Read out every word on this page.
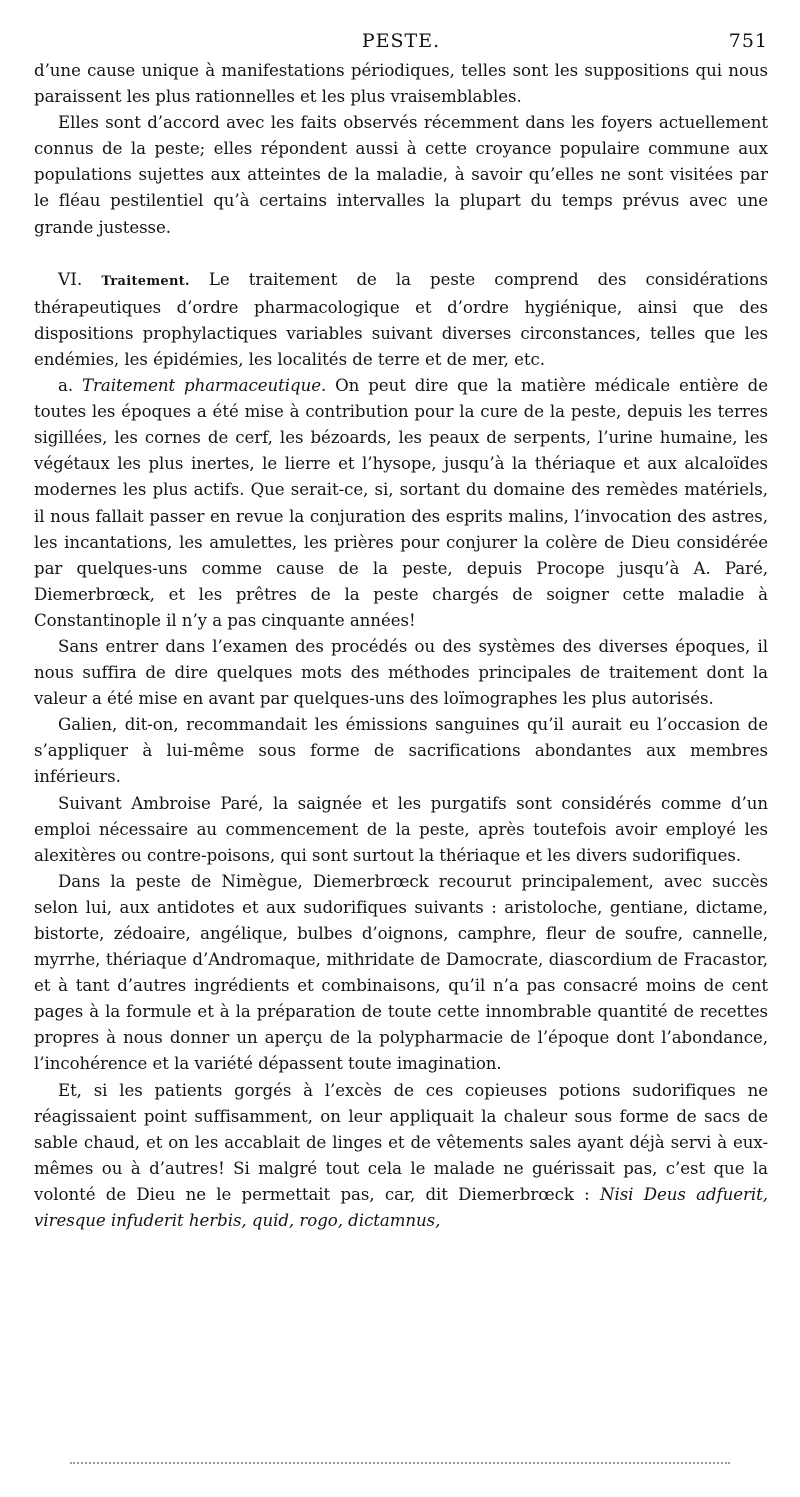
PESTE.	751

d’une cause unique à manifestations périodiques, telles sont les suppositions qui nous paraissent les plus rationnelles et les plus vraisemblables.

Elles sont d’accord avec les faits observés récemment dans les foyers actuellement connus de la peste; elles répondent aussi à cette croyance populaire commune aux populations sujettes aux atteintes de la maladie, à savoir qu’elles ne sont visitées par le fléau pestilentiel qu’à certains intervalles la plupart du temps prévus avec une grande justesse.

VI. Traitement. Le traitement de la peste comprend des considérations thérapeutiques d’ordre pharmacologique et d’ordre hygiénique, ainsi que des dispositions prophylactiques variables suivant diverses circonstances, telles que les endémies, les épidémies, les localités de terre et de mer, etc.

a. Traitement pharmaceutique. On peut dire que la matière médicale entière de toutes les époques a été mise à contribution pour la cure de la peste, depuis les terres sigillées, les cornes de cerf, les bézoards, les peaux de serpents, l’urine humaine, les végétaux les plus inertes, le lierre et l’hysope, jusqu’à la thériaque et aux alcaloïdes modernes les plus actifs. Que serait-ce, si, sortant du domaine des remèdes matériels, il nous fallait passer en revue la conjuration des esprits malins, l’invocation des astres, les incantations, les amulettes, les prières pour conjurer la colère de Dieu considérée par quelques-uns comme cause de la peste, depuis Procope jusqu’à A. Paré, Diemerbrœck, et les prêtres de la peste chargés de soigner cette maladie à Constantinople il n’y a pas cinquante années!

Sans entrer dans l’examen des procédés ou des systèmes des diverses époques, il nous suffira de dire quelques mots des méthodes principales de traitement dont la valeur a été mise en avant par quelques-uns des loïmographes les plus autorisés.

Galien, dit-on, recommandait les émissions sanguines qu’il aurait eu l’occasion de s’appliquer à lui-même sous forme de sacrifications abondantes aux membres inférieurs.

Suivant Ambroise Paré, la saignée et les purgatifs sont considérés comme d’un emploi nécessaire au commencement de la peste, après toutefois avoir employé les alexitères ou contre-poisons, qui sont surtout la thériaque et les divers sudorifiques.

Dans la peste de Nimègue, Diemerbrœck recourut principalement, avec succès selon lui, aux antidotes et aux sudorifiques suivants : aristoloche, gentiane, dictame, bistorte, zédoaire, angélique, bulbes d’oignons, camphre, fleur de soufre, cannelle, myrrhe, thériaque d’Andromaque, mithridate de Damocrate, diascordium de Fracastor, et à tant d’autres ingrédients et combinaisons, qu’il n’a pas consacré moins de cent pages à la formule et à la préparation de toute cette innombrable quantité de recettes propres à nous donner un aperçu de la polypharmacie de l’époque dont l’abondance, l’incohérence et la variété dépassent toute imagination.

Et, si les patients gorgés à l’excès de ces copieuses potions sudorifiques ne réagissaient point suffisamment, on leur appliquait la chaleur sous forme de sacs de sable chaud, et on les accablait de linges et de vêtements sales ayant déjà servi à eux-mêmes ou à d’autres! Si malgré tout cela le malade ne guérissait pas, c’est que la volonté de Dieu ne le permettait pas, car, dit Diemerbrœck : Nisi Deus adfuerit, viresque infuderit herbis, quid, rogo, dictamnus,
